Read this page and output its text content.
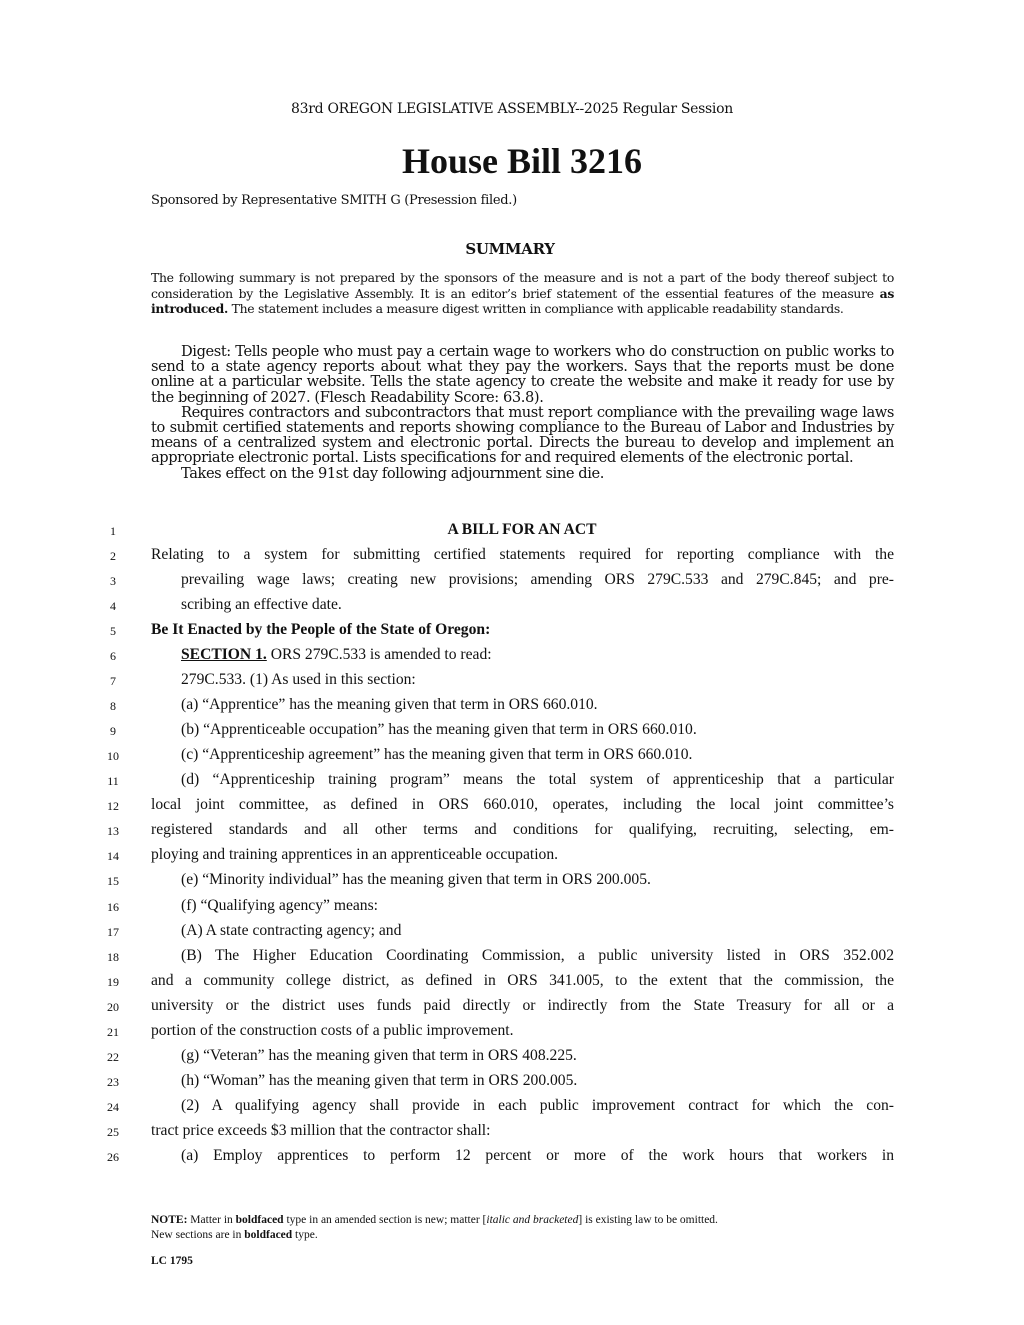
83rd OREGON LEGISLATIVE ASSEMBLY--2025 Regular Session
House Bill 3216
Sponsored by Representative SMITH G (Presession filed.)
SUMMARY
The following summary is not prepared by the sponsors of the measure and is not a part of the body thereof subject to consideration by the Legislative Assembly. It is an editor’s brief statement of the essential features of the measure as introduced. The statement includes a measure digest written in compliance with applicable readability standards.

Digest: Tells people who must pay a certain wage to workers who do construction on public works to send to a state agency reports about what they pay the workers. Says that the reports must be done online at a particular website. Tells the state agency to create the website and make it ready for use by the beginning of 2027. (Flesch Readability Score: 63.8).

Requires contractors and subcontractors that must report compliance with the prevailing wage laws to submit certified statements and reports showing compliance to the Bureau of Labor and Industries by means of a centralized system and electronic portal. Directs the bureau to develop and implement an appropriate electronic portal. Lists specifications for and required elements of the electronic portal.

Takes effect on the 91st day following adjournment sine die.

1
2
3
4
5
6
7
8
9
10
11
12
13
14
15
16
17
18
19
20
21
22
23
24
25
26
A BILL FOR AN ACT
Relating to a system for submitting certified statements required for reporting compliance with the
prevailing wage laws; creating new provisions; amending ORS 279C.533 and 279C.845; and pre-
scribing an effective date.
Be It Enacted by the People of the State of Oregon:
SECTION 1. ORS 279C.533 is amended to read:
279C.533. (1) As used in this section:
(a) “Apprentice” has the meaning given that term in ORS 660.010.
(b) “Apprenticeable occupation” has the meaning given that term in ORS 660.010.
(c) “Apprenticeship agreement” has the meaning given that term in ORS 660.010.
(d) “Apprenticeship training program” means the total system of apprenticeship that a particular
local joint committee, as defined in ORS 660.010, operates, including the local joint committee’s
registered standards and all other terms and conditions for qualifying, recruiting, selecting, em-
ploying and training apprentices in an apprenticeable occupation.
(e) “Minority individual” has the meaning given that term in ORS 200.005.
(f) “Qualifying agency” means:
(A) A state contracting agency; and
(B) The Higher Education Coordinating Commission, a public university listed in ORS 352.002
and a community college district, as defined in ORS 341.005, to the extent that the commission, the
university or the district uses funds paid directly or indirectly from the State Treasury for all or a
portion of the construction costs of a public improvement.
(g) “Veteran” has the meaning given that term in ORS 408.225.
(h) “Woman” has the meaning given that term in ORS 200.005.
(2) A qualifying agency shall provide in each public improvement contract for which the con-
tract price exceeds $3 million that the contractor shall:
(a) Employ apprentices to perform 12 percent or more of the work hours that workers in
NOTE: Matter in boldfaced type in an amended section is new; matter [italic and bracketed] is existing law to be omitted.
New sections are in boldfaced type.
LC 1795
